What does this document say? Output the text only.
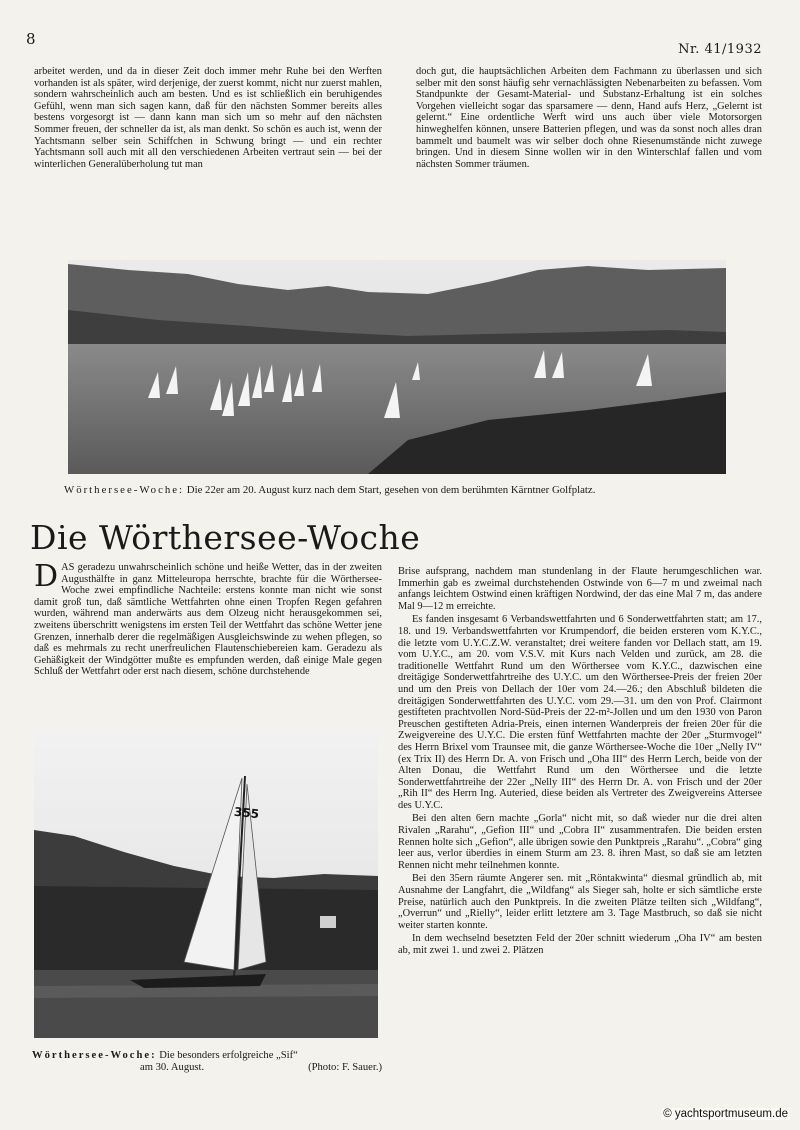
8
Nr. 41/1932

arbeitet werden, und da in dieser Zeit doch immer mehr Ruhe bei den Werften vorhanden ist als später, wird derjenige, der zuerst kommt, nicht nur zuerst mahlen, sondern wahrscheinlich auch am besten. Und es ist schließlich ein beruhigendes Gefühl, wenn man sich sagen kann, daß für den nächsten Sommer bereits alles bestens vorgesorgt ist — dann kann man sich um so mehr auf den nächsten Sommer freuen, der schneller da ist, als man denkt. So schön es auch ist, wenn der Yachtsmann selber sein Schiffchen in Schwung bringt — und ein rechter Yachtsmann soll auch mit all den verschiedenen Arbeiten vertraut sein — bei der winterlichen Generalüberholung tut man

doch gut, die hauptsächlichen Arbeiten dem Fachmann zu überlassen und sich selber mit den sonst häufig sehr vernachlässigten Nebenarbeiten zu befassen. Vom Standpunkte der Gesamt-Material- und Substanz-Erhaltung ist ein solches Vorgehen vielleicht sogar das sparsamere — denn, Hand aufs Herz, „Gelernt ist gelernt.“ Eine ordentliche Werft wird uns auch über viele Motorsorgen hinweghelfen können, unsere Batterien pflegen, und was da sonst noch alles dran bammelt und baumelt was wir selber doch ohne Riesenumstände nicht zuwege bringen. Und in diesem Sinne wollen wir in den Winterschlaf fallen und vom nächsten Sommer träumen.

Wörthersee-Woche: Die 22er am 20. August kurz nach dem Start, gesehen von dem berühmten Kärntner Golfplatz.
Die Wörthersee-Woche

DAS geradezu unwahrscheinlich schöne und heiße Wetter, das in der zweiten Augusthälfte in ganz Mitteleuropa herrschte, brachte für die Wörthersee-Woche zwei empfindliche Nachteile: erstens konnte man nicht wie sonst damit groß tun, daß sämtliche Wettfahrten ohne einen Tropfen Regen gefahren wurden, während man anderwärts aus dem Olzeug nicht herausgekommen sei, zweitens überschritt wenigstens im ersten Teil der Wettfahrt das schöne Wetter jene Grenzen, innerhalb derer die regelmäßigen Ausgleichswinde zu wehen pflegen, so daß es mehrmals zu recht unerfreulichen Flautenschiebereien kam. Geradezu als Gehäßigkeit der Windgötter mußte es empfunden werden, daß einige Male gegen Schluß der Wettfahrt oder erst nach diesem, schöne durchstehende

355

Brise aufsprang, nachdem man stundenlang in der Flaute herumgeschlichen war. Immerhin gab es zweimal durchstehenden Ostwinde von 6—7 m und zweimal nach anfangs leichtem Ostwind einen kräftigen Nordwind, der das eine Mal 7 m, das andere Mal 9—12 m erreichte.

Es fanden insgesamt 6 Verbandswettfahrten und 6 Sonderwettfahrten statt; am 17., 18. und 19. Verbandswettfahrten vor Krumpendorf, die beiden ersteren vom K.Y.C., die letzte vom U.Y.C.Z.W. veranstaltet; drei weitere fanden vor Dellach statt, am 19. vom U.Y.C., am 20. vom V.S.V. mit Kurs nach Velden und zurück, am 28. die traditionelle Wettfahrt Rund um den Wörthersee vom K.Y.C., dazwischen eine dreitägige Sonderwettfahrtreihe des U.Y.C. um den Wörthersee-Preis der freien 20er und um den Preis von Dellach der 10er vom 24.—26.; den Abschluß bildeten die dreitägigen Sonderwettfahrten des U.Y.C. vom 29.—31. um den von Prof. Clairmont gestifteten prachtvollen Nord-Süd-Preis der 22-m²-Jollen und um den 1930 von Paron Preuschen gestifteten Adria-Preis, einen internen Wanderpreis der freien 20er für die Zweigvereine des U.Y.C. Die ersten fünf Wettfahrten machte der 20er „Sturmvogel“ des Herrn Brixel vom Traunsee mit, die ganze Wörthersee-Woche die 10er „Nelly IV“ (ex Trix II) des Herrn Dr. A. von Frisch und „Oha III“ des Herrn Lerch, beide von der Alten Donau, die Wettfahrt Rund um den Wörthersee und die letzte Sonderwettfahrtreihe der 22er „Nelly III“ des Herrn Dr. A. von Frisch und der 20er „Rih II“ des Herrn Ing. Auteried, diese beiden als Vertreter des Zweigvereins Attersee des U.Y.C.

Bei den alten 6ern machte „Gorla“ nicht mit, so daß wieder nur die drei alten Rivalen „Rarahu“, „Gefion III“ und „Cobra II“ zusammentrafen. Die beiden ersten Rennen holte sich „Gefion“, alle übrigen sowie den Punktpreis „Rarahu“. „Cobra“ ging leer aus, verlor überdies in einem Sturm am 23. 8. ihren Mast, so daß sie am letzten Rennen nicht mehr teilnehmen konnte.

Bei den 35ern räumte Angerer sen. mit „Röntakwinta“ diesmal gründlich ab, mit Ausnahme der Langfahrt, die „Wildfang“ als Sieger sah, holte er sich sämtliche erste Preise, natürlich auch den Punktpreis. In die zweiten Plätze teilten sich „Wildfang“, „Overrun“ und „Rielly“, leider erlitt letztere am 3. Tage Mastbruch, so daß sie nicht weiter starten konnte.

In dem wechselnd besetzten Feld der 20er schnitt wiederum „Oha IV“ am besten ab, mit zwei 1. und zwei 2. Plätzen

Wörthersee-Woche: Die besonders erfolgreiche „Sif“
am 30. August.	(Photo: F. Sauer.)
© yachtsportmuseum.de
